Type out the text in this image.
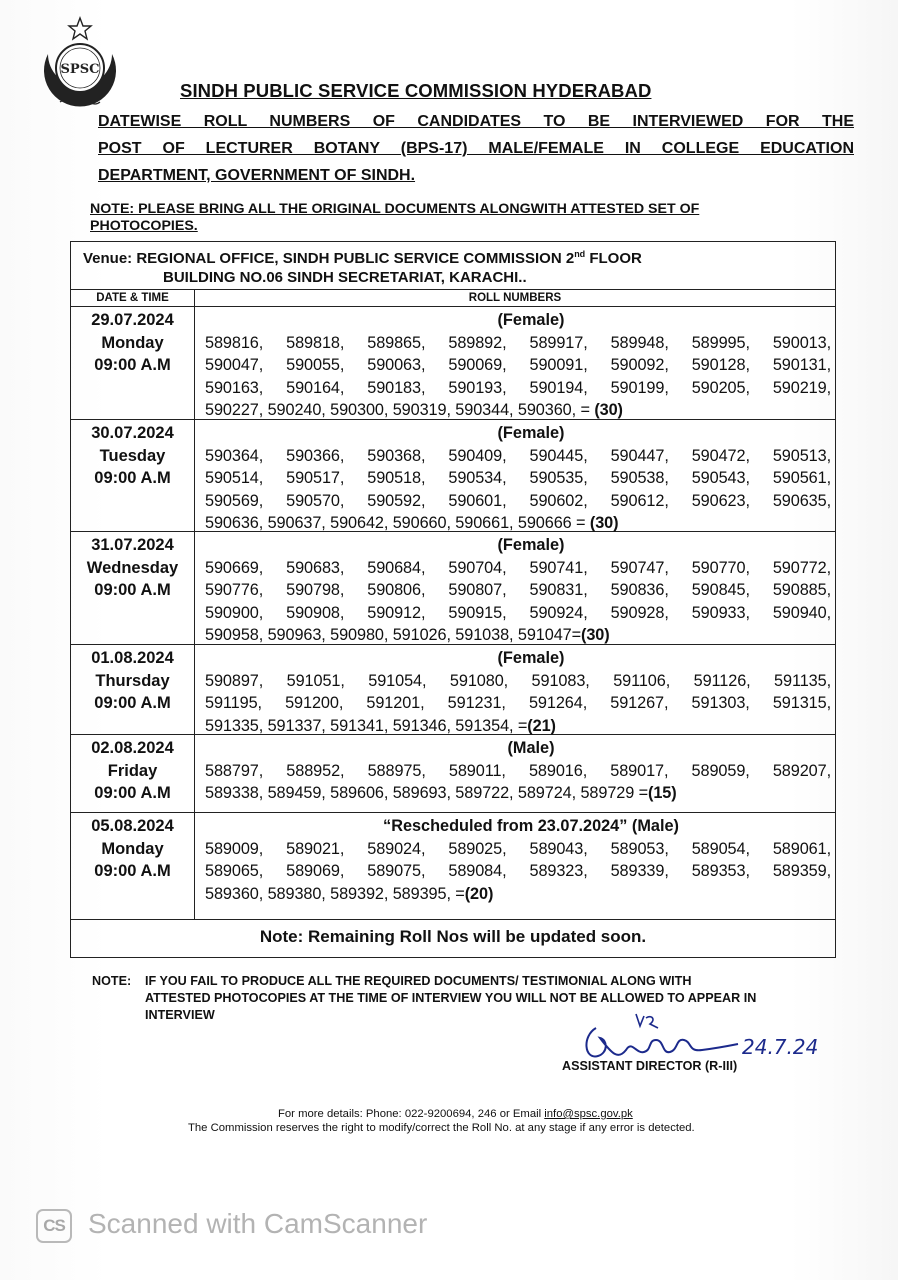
SPSC
SINDH PUBLIC SERVICE COMMISSION HYDERABAD
DATEWISE ROLL NUMBERS OF CANDIDATES TO BE INTERVIEWED FOR THE
POST OF LECTURER BOTANY (BPS-17) MALE/FEMALE IN COLLEGE EDUCATION
DEPARTMENT, GOVERNMENT OF SINDH.
NOTE: PLEASE BRING ALL THE ORIGINAL DOCUMENTS ALONGWITH ATTESTED SET OF
PHOTOCOPIES.
Venue: REGIONAL OFFICE, SINDH PUBLIC SERVICE COMMISSION 2nd FLOOR
BUILDING NO.06 SINDH SECRETARIAT, KARACHI..
DATE & TIME	ROLL NUMBERS
29.07.2024
Monday
09:00 A.M
(Female)
589816, 589818, 589865, 589892, 589917, 589948, 589995, 590013,
590047, 590055, 590063, 590069, 590091, 590092, 590128, 590131,
590163, 590164, 590183, 590193, 590194, 590199, 590205, 590219,
590227, 590240, 590300, 590319, 590344, 590360, = (30)
30.07.2024
Tuesday
09:00 A.M
(Female)
590364, 590366, 590368, 590409, 590445, 590447, 590472, 590513,
590514, 590517, 590518, 590534, 590535, 590538, 590543, 590561,
590569, 590570, 590592, 590601, 590602, 590612, 590623, 590635,
590636, 590637, 590642, 590660, 590661, 590666 = (30)
31.07.2024
Wednesday
09:00 A.M
(Female)
590669, 590683, 590684, 590704, 590741, 590747, 590770, 590772,
590776, 590798, 590806, 590807, 590831, 590836, 590845, 590885,
590900, 590908, 590912, 590915, 590924, 590928, 590933, 590940,
590958, 590963, 590980, 591026, 591038, 591047=(30)
01.08.2024
Thursday
09:00 A.M
(Female)
590897, 591051, 591054, 591080, 591083, 591106, 591126, 591135,
591195, 591200, 591201, 591231, 591264, 591267, 591303, 591315,
591335, 591337, 591341, 591346, 591354, =(21)
02.08.2024
Friday
09:00 A.M
(Male)
588797, 588952, 588975, 589011, 589016, 589017, 589059, 589207,
589338, 589459, 589606, 589693, 589722, 589724, 589729 =(15)
05.08.2024
Monday
09:00 A.M
“Rescheduled from 23.07.2024” (Male)
589009, 589021, 589024, 589025, 589043, 589053, 589054, 589061,
589065, 589069, 589075, 589084, 589323, 589339, 589353, 589359,
589360, 589380, 589392, 589395, =(20)
Note: Remaining Roll Nos will be updated soon.
NOTE: IF YOU FAIL TO PRODUCE ALL THE REQUIRED DOCUMENTS/ TESTIMONIAL ALONG WITH
ATTESTED PHOTOCOPIES AT THE TIME OF INTERVIEW YOU WILL NOT BE ALLOWED TO APPEAR IN
INTERVIEW
24.7.24
ASSISTANT DIRECTOR (R-III)
For more details: Phone: 022-9200694, 246 or Email info@spsc.gov.pk
The Commission reserves the right to modify/correct the Roll No. at any stage if any error is detected.
CS Scanned with CamScanner
